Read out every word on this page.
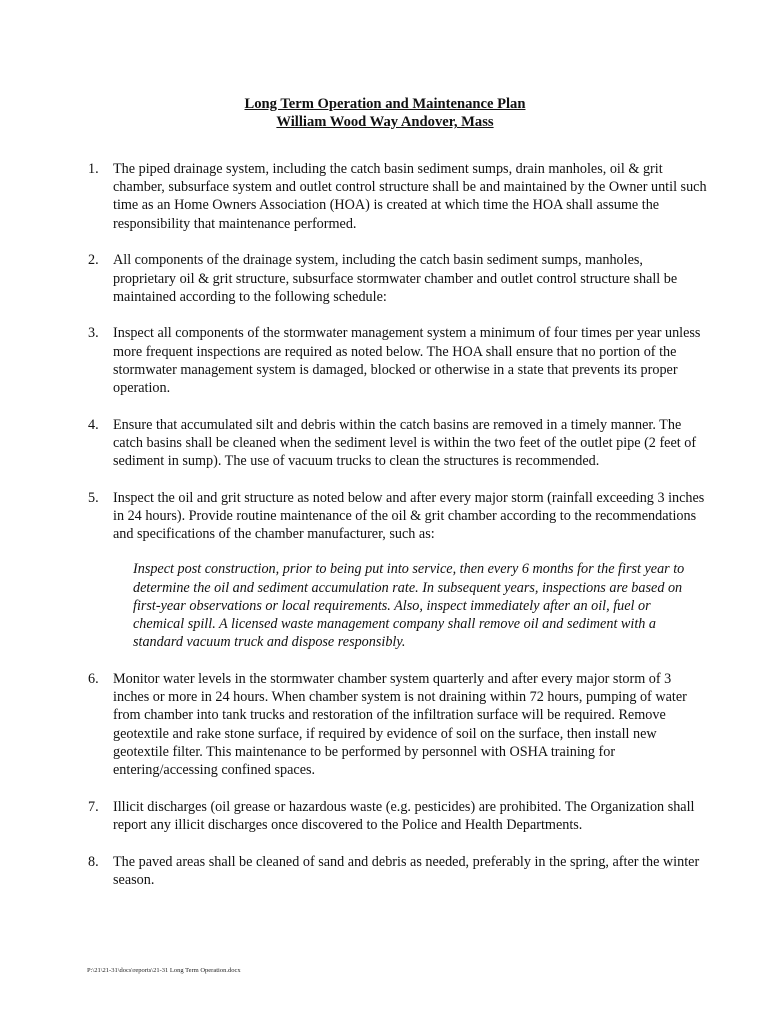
Long Term Operation and Maintenance Plan
William Wood Way Andover, Mass
1. The piped drainage system, including the catch basin sediment sumps, drain manholes, oil & grit chamber, subsurface system and outlet control structure shall be and maintained by the Owner until such time as an Home Owners Association (HOA) is created at which time the HOA shall assume the responsibility that maintenance performed.
2. All components of the drainage system, including the catch basin sediment sumps, manholes, proprietary oil & grit structure, subsurface stormwater chamber and outlet control structure shall be maintained according to the following schedule:
3. Inspect all components of the stormwater management system a minimum of four times per year unless more frequent inspections are required as noted below. The HOA shall ensure that no portion of the stormwater management system is damaged, blocked or otherwise in a state that prevents its proper operation.
4. Ensure that accumulated silt and debris within the catch basins are removed in a timely manner. The catch basins shall be cleaned when the sediment level is within the two feet of the outlet pipe (2 feet of sediment in sump). The use of vacuum trucks to clean the structures is recommended.
5. Inspect the oil and grit structure as noted below and after every major storm (rainfall exceeding 3 inches in 24 hours). Provide routine maintenance of the oil & grit chamber according to the recommendations and specifications of the chamber manufacturer, such as:
Inspect post construction, prior to being put into service, then every 6 months for the first year to determine the oil and sediment accumulation rate. In subsequent years, inspections are based on first-year observations or local requirements. Also, inspect immediately after an oil, fuel or chemical spill. A licensed waste management company shall remove oil and sediment with a standard vacuum truck and dispose responsibly.
6. Monitor water levels in the stormwater chamber system quarterly and after every major storm of 3 inches or more in 24 hours. When chamber system is not draining within 72 hours, pumping of water from chamber into tank trucks and restoration of the infiltration surface will be required. Remove geotextile and rake stone surface, if required by evidence of soil on the surface, then install new geotextile filter. This maintenance to be performed by personnel with OSHA training for entering/accessing confined spaces.
7. Illicit discharges (oil grease or hazardous waste (e.g. pesticides) are prohibited. The Organization shall report any illicit discharges once discovered to the Police and Health Departments.
8. The paved areas shall be cleaned of sand and debris as needed, preferably in the spring, after the winter season.
P:\21\21-31\docs\reports\21-31 Long Term Operation.docx
